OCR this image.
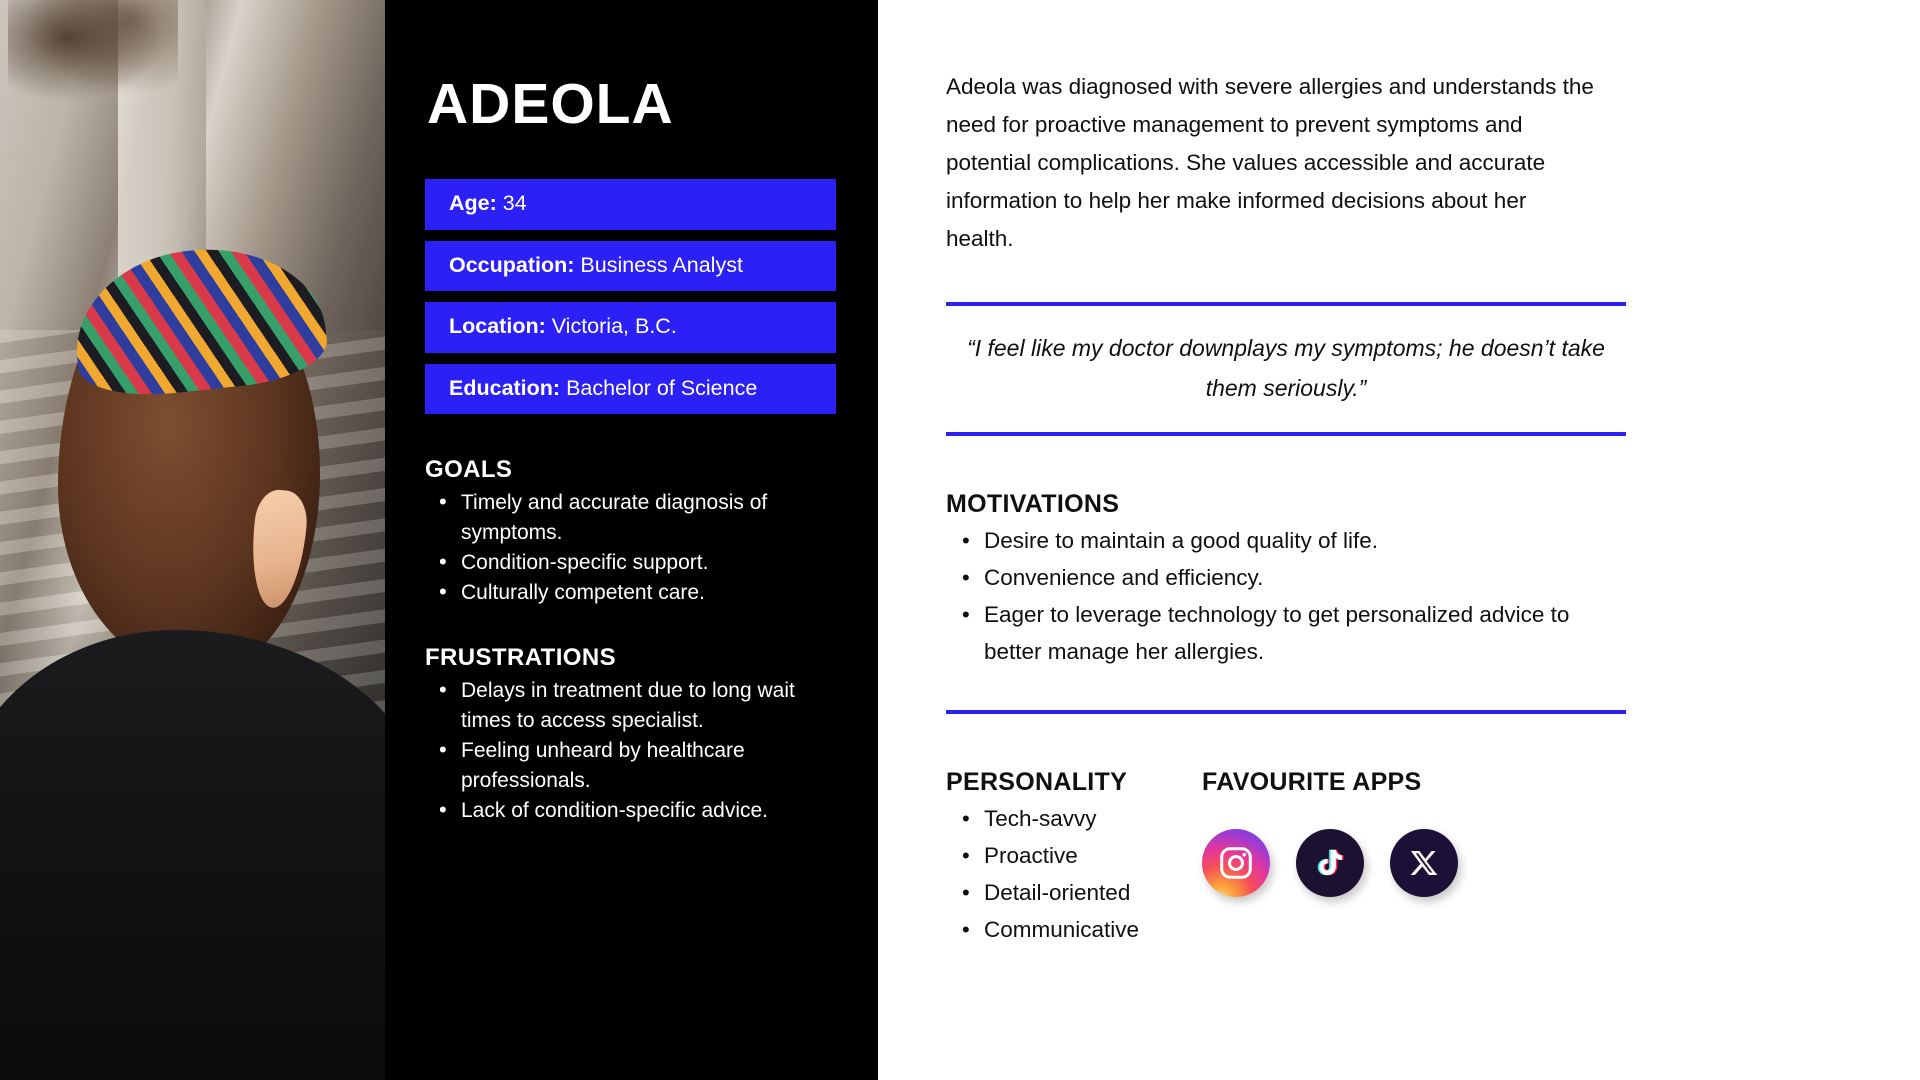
ADEOLA
Age: 34
Occupation: Business Analyst
Location: Victoria, B.C.
Education: Bachelor of Science
GOALS
• Timely and accurate diagnosis of symptoms.
• Condition-specific support.
• Culturally competent care.
FRUSTRATIONS
• Delays in treatment due to long wait times to access specialist.
• Feeling unheard by healthcare professionals.
• Lack of condition-specific advice.

Adeola was diagnosed with severe allergies and understands the need for proactive management to prevent symptoms and potential complications. She values accessible and accurate information to help her make informed decisions about her health.

“I feel like my doctor downplays my symptoms; he doesn’t take them seriously.”

MOTIVATIONS
• Desire to maintain a good quality of life.
• Convenience and efficiency.
• Eager to leverage technology to get personalized advice to better manage her allergies.
PERSONALITY
• Tech-savvy
• Proactive
• Detail-oriented
• Communicative
FAVOURITE APPS
